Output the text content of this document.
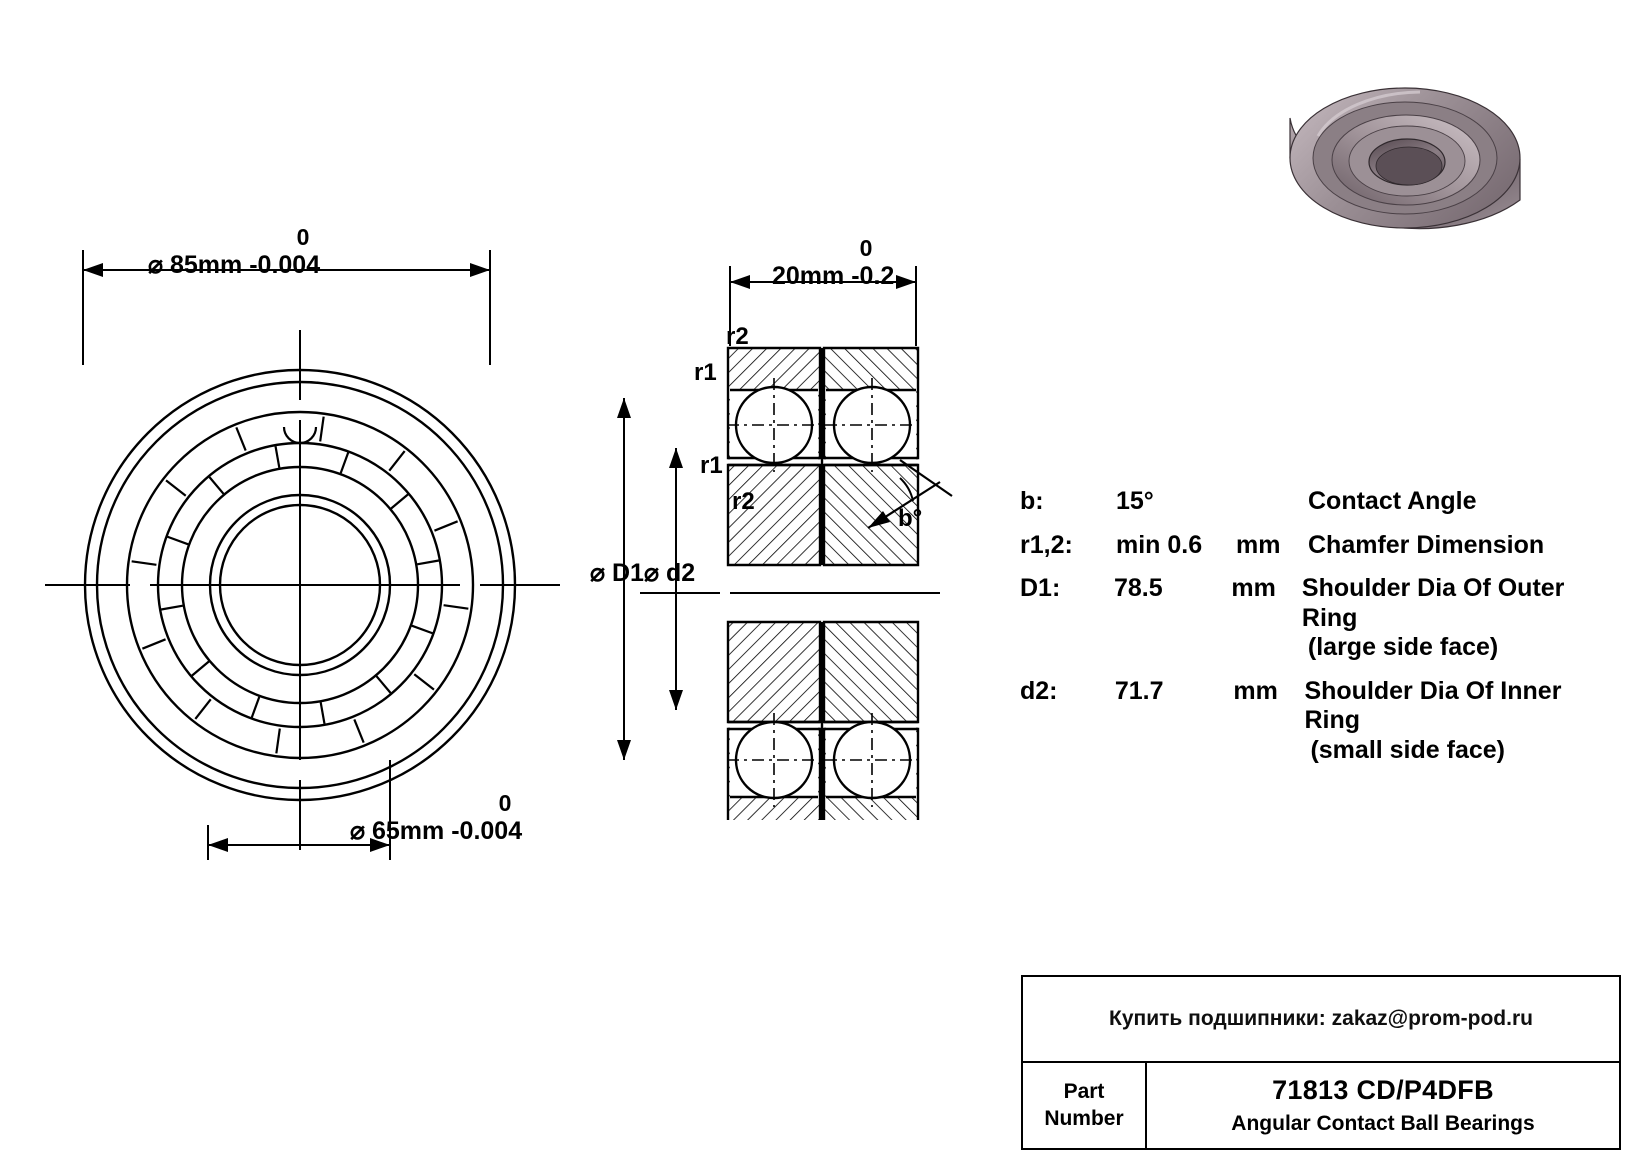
0
⌀ 85mm -0.004
0
⌀ 65mm -0.004
0
20mm -0.2
⌀ D1⌀ d2
r2
r1
r1
r2
b°
b:	15°	Contact Angle
r1,2:	min 0.6	mm	Chamfer Dimension
D1:	78.5	mm	Shoulder Dia Of Outer Ring
(large side face)
d2:	71.7	mm	Shoulder Dia Of Inner Ring
(small side face)
Купить подшипники: zakaz@prom-pod.ru
Part
Number
71813 CD/P4DFB
Angular Contact Ball Bearings
